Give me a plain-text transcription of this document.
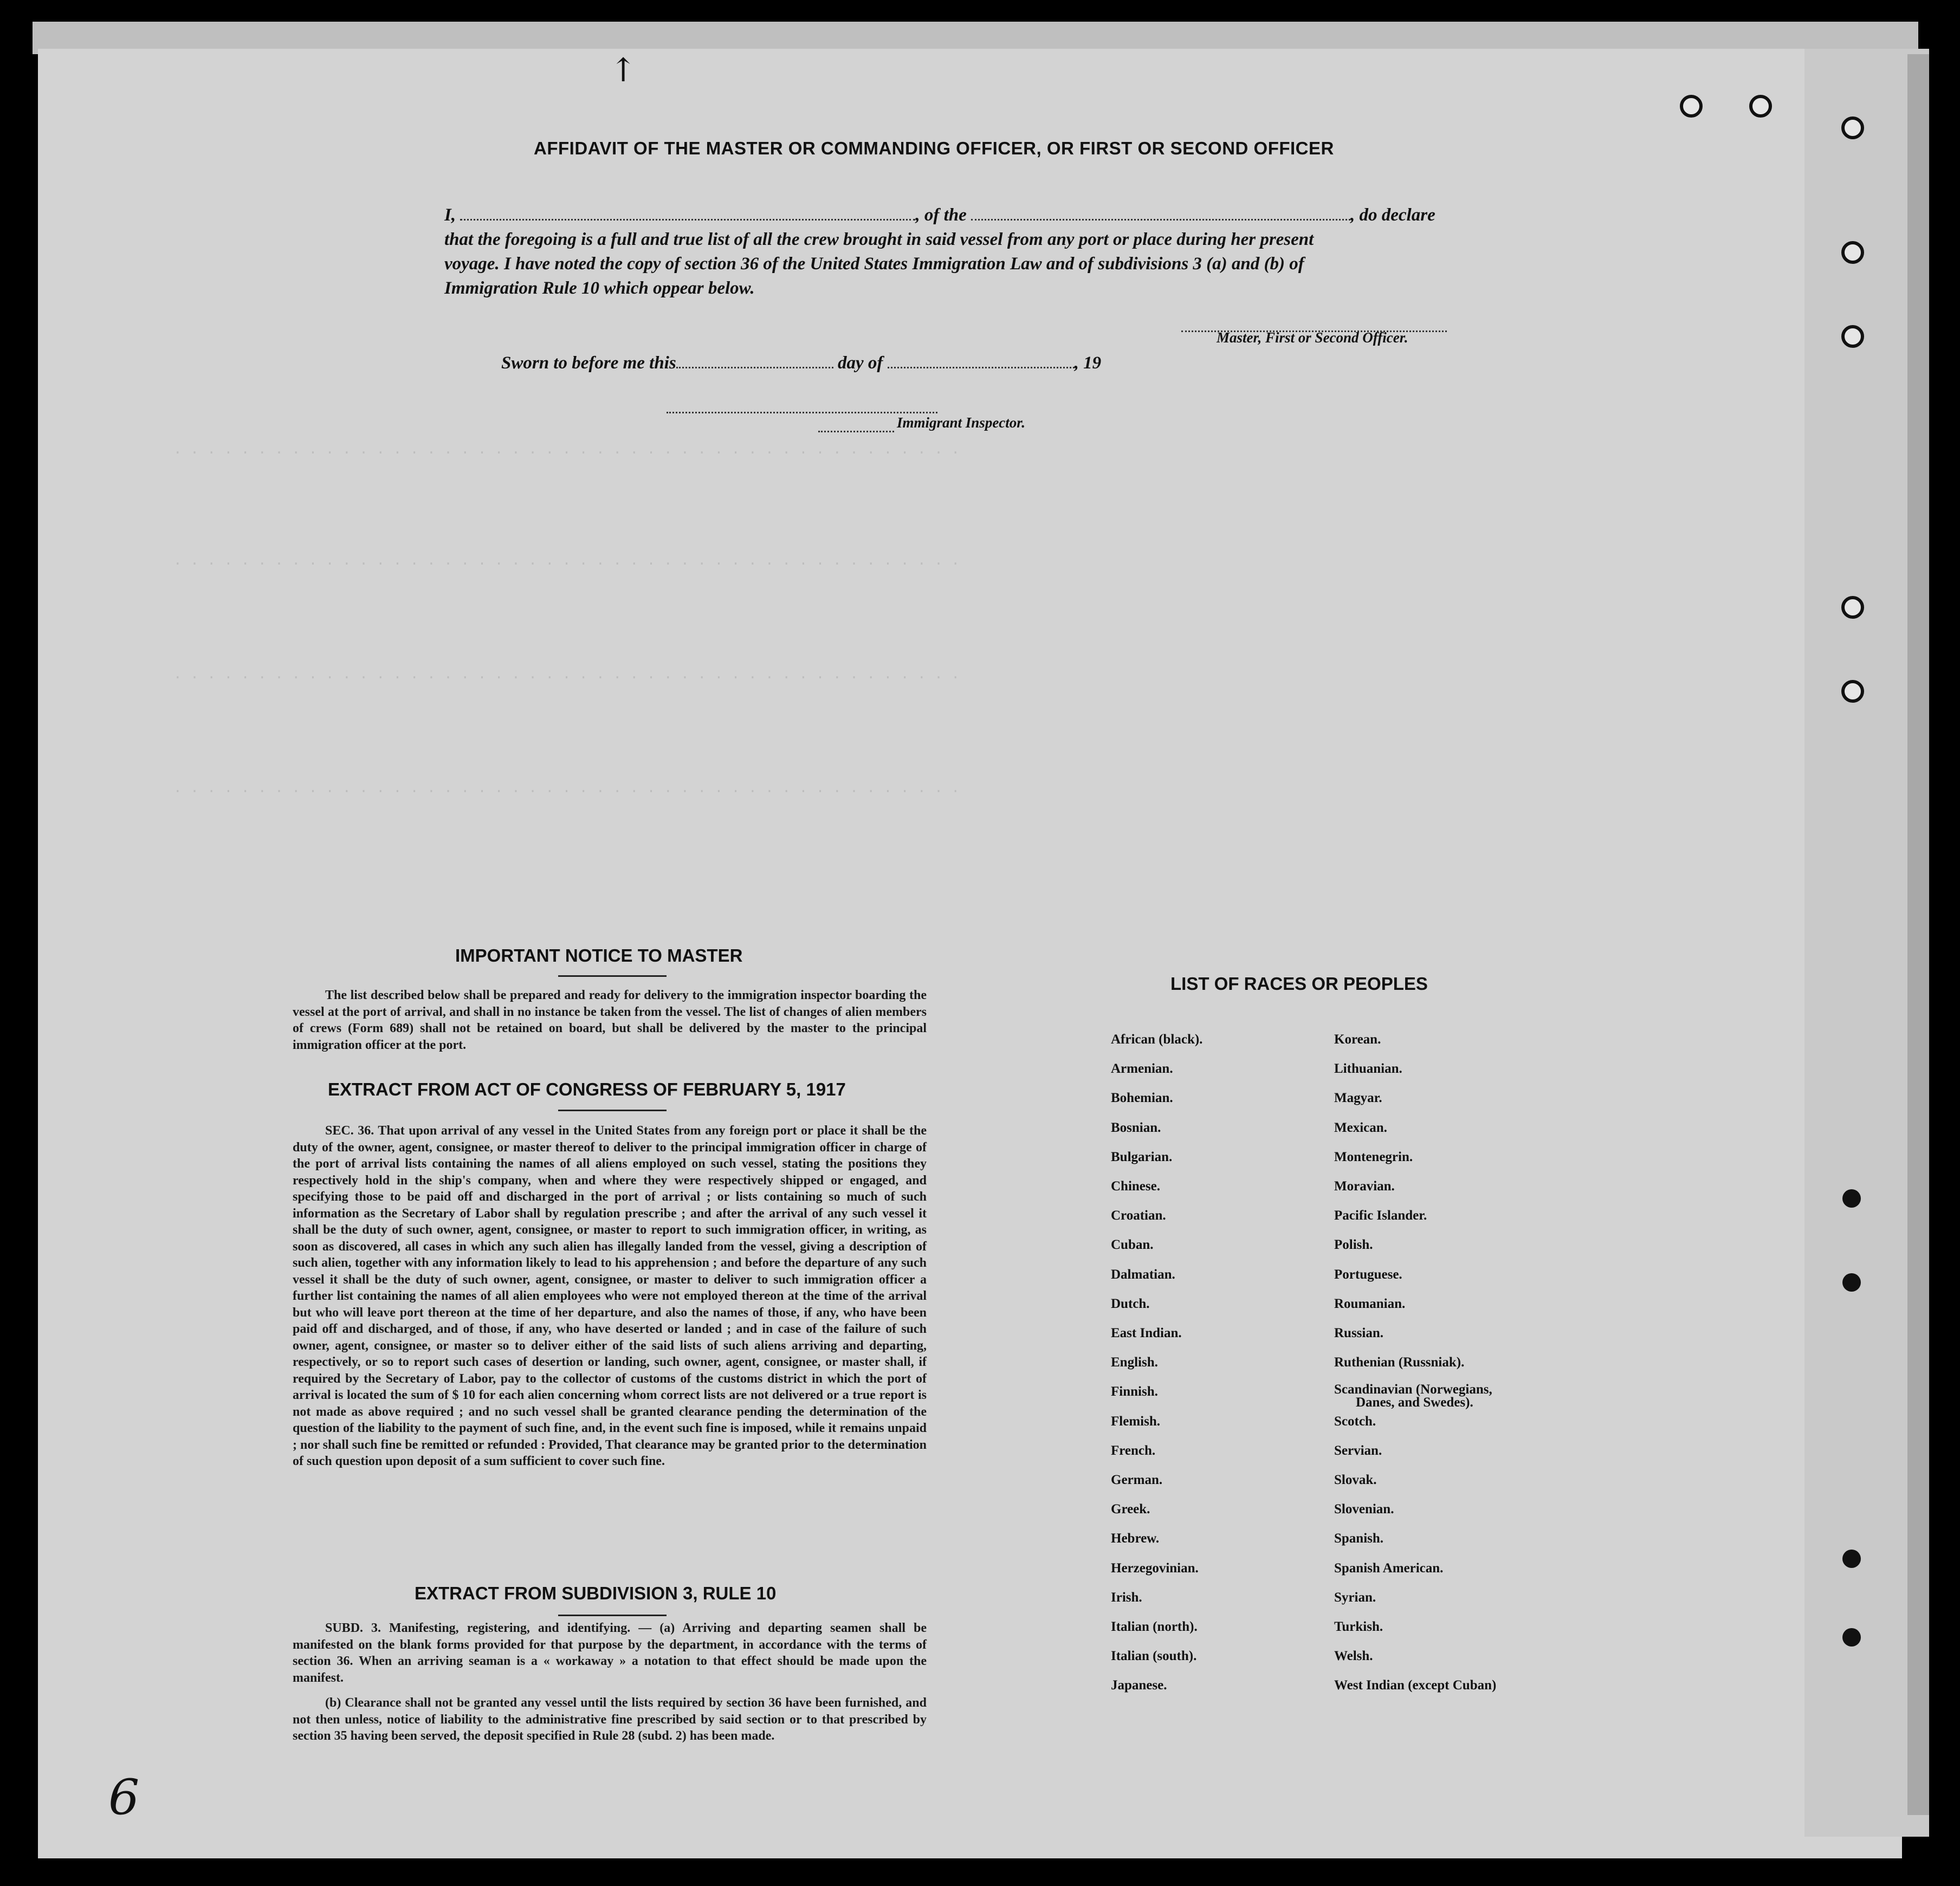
. . . . . . . . . . . . . . . . . . . . . . . . . . . . . . . . . . . . . . . . . . . . . . .
. . . . . . . . . . . . . . . . . . . . . . . . . . . . . . . . . . . . . . . . . . . . . . .
. . . . . . . . . . . . . . . . . . . . . . . . . . . . . . . . . . . . . . . . . . . . . . .
. . . . . . . . . . . . . . . . . . . . . . . . . . . . . . . . . . . . . . . . . . . . . . .
AFFIDAVIT OF THE MASTER OR COMMANDING OFFICER, OR FIRST OR SECOND OFFICER
I,	, of the	, do declare
that the foregoing is a full and true list of all the crew brought in said vessel from any port or place during her present
voyage. I have noted the copy of section 36 of the United States Immigration Law and of subdivisions 3 (a) and (b) of
Immigration Rule 10 which oppear below.
Master, First or Second Officer.
Sworn to before me this	day of	, 19
Immigrant Inspector.
IMPORTANT NOTICE TO MASTER
The list described below shall be prepared and ready for delivery to the immigration inspector boarding the vessel at the port of arrival, and shall in no instance be taken from the vessel. The list of changes of alien members of crews (Form 689) shall not be retained on board, but shall be delivered by the master to the principal immigration officer at the port.
EXTRACT FROM ACT OF CONGRESS OF FEBRUARY 5, 1917
SEC. 36. That upon arrival of any vessel in the United States from any foreign port or place it shall be the duty of the owner, agent, consignee, or master thereof to deliver to the principal immigration officer in charge of the port of arrival lists containing the names of all aliens employed on such vessel, stating the positions they respectively hold in the ship's company, when and where they were respectively shipped or engaged, and specifying those to be paid off and discharged in the port of arrival ; or lists containing so much of such information as the Secretary of Labor shall by regulation prescribe ; and after the arrival of any such vessel it shall be the duty of such owner, agent, consignee, or master to report to such immigration officer, in writing, as soon as discovered, all cases in which any such alien has illegally landed from the vessel, giving a description of such alien, together with any information likely to lead to his apprehension ; and before the departure of any such vessel it shall be the duty of such owner, agent, consignee, or master to deliver to such immigration officer a further list containing the names of all alien employees who were not employed thereon at the time of the arrival but who will leave port thereon at the time of her departure, and also the names of those, if any, who have been paid off and discharged, and of those, if any, who have deserted or landed ; and in case of the failure of such owner, agent, consignee, or master so to deliver either of the said lists of such aliens arriving and departing, respectively, or so to report such cases of desertion or landing, such owner, agent, consignee, or master shall, if required by the Secretary of Labor, pay to the collector of customs of the customs district in which the port of arrival is located the sum of $ 10 for each alien concerning whom correct lists are not delivered or a true report is not made as above required ; and no such vessel shall be granted clearance pending the determination of the question of the liability to the payment of such fine, and, in the event such fine is imposed, while it remains unpaid ; nor shall such fine be remitted or refunded : Provided, That clearance may be granted prior to the determination of such question upon deposit of a sum sufficient to cover such fine.
EXTRACT FROM SUBDIVISION 3, RULE 10
SUBD. 3. Manifesting, registering, and identifying. — (a) Arriving and departing seamen shall be manifested on the blank forms provided for that purpose by the department, in accordance with the terms of section 36. When an arriving seaman is a « workaway » a notation to that effect should be made upon the manifest.
(b) Clearance shall not be granted any vessel until the lists required by section 36 have been furnished, and not then unless, notice of liability to the administrative fine prescribed by said section or to that prescribed by section 35 having been served, the deposit specified in Rule 28 (subd. 2) has been made.
LIST OF RACES OR PEOPLES
African (black).
Armenian.
Bohemian.
Bosnian.
Bulgarian.
Chinese.
Croatian.
Cuban.
Dalmatian.
Dutch.
East Indian.
English.
Finnish.
Flemish.
French.
German.
Greek.
Hebrew.
Herzegovinian.
Irish.
Italian (north).
Italian (south).
Japanese.
Korean.
Lithuanian.
Magyar.
Mexican.
Montenegrin.
Moravian.
Pacific Islander.
Polish.
Portuguese.
Roumanian.
Russian.
Ruthenian (Russniak).
Scandinavian (Norwegians,
Danes, and Swedes).
Scotch.
Servian.
Slovak.
Slovenian.
Spanish.
Spanish American.
Syrian.
Turkish.
Welsh.
West Indian (except Cuban)
6
↑
